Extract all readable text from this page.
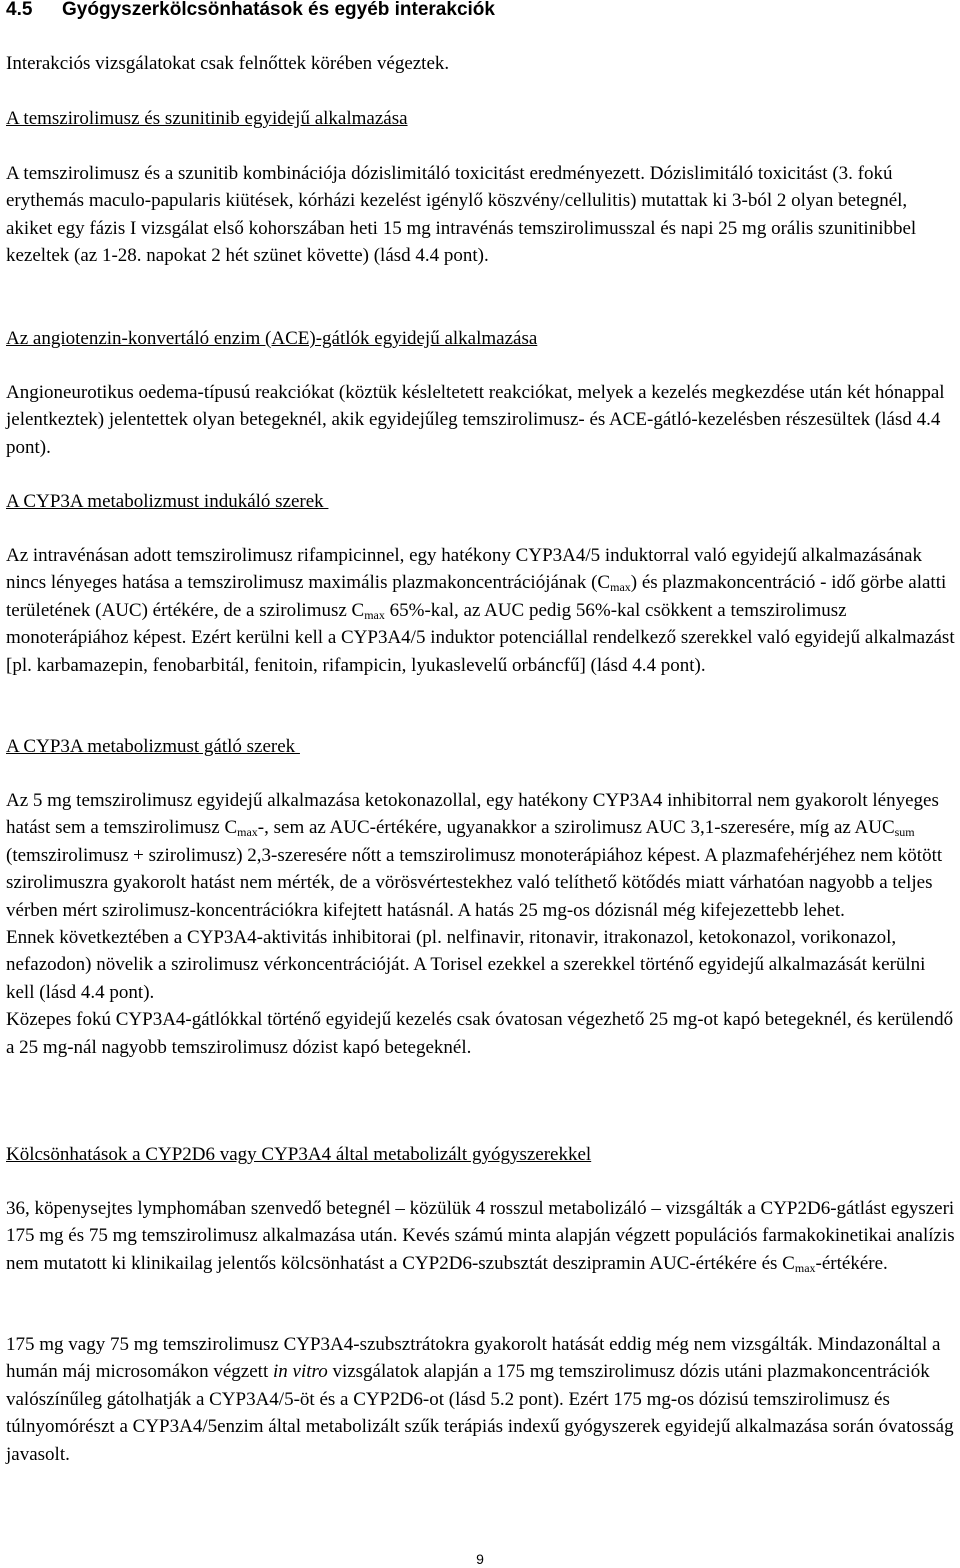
4.5 Gyógyszerkölcsönhatások és egyéb interakciók
Interakciós vizsgálatokat csak felnőttek körében végeztek.
A temszirolimusz és szunitinib egyidejű alkalmazása
A temszirolimusz és a szunitib kombinációja dózislimitáló toxicitást eredményezett. Dózislimitáló toxicitást (3. fokú erythemás maculo-papularis kiütések, kórházi kezelést igénylő köszvény/cellulitis) mutattak ki 3-ból 2 olyan betegnél, akiket egy fázis I vizsgálat első kohorszában heti 15 mg intravénás temszirolimusszal és napi 25 mg orális szunitinibbel kezeltek (az 1-28. napokat 2 hét szünet követte) (lásd 4.4 pont).
Az angiotenzin-konvertáló enzim (ACE)-gátlók egyidejű alkalmazása
Angioneurotikus oedema-típusú reakciókat (köztük késleltetett reakciókat, melyek a kezelés megkezdése után két hónappal jelentkeztek) jelentettek olyan betegeknél, akik egyidejűleg temszirolimusz- és ACE-gátló-kezelésben részesültek (lásd 4.4 pont).
A CYP3A metabolizmust indukáló szerek
Az intravénásan adott temszirolimusz rifampicinnel, egy hatékony CYP3A4/5 induktorral való egyidejű alkalmazásának nincs lényeges hatása a temszirolimusz maximális plazmakoncentrációjának $(C_{max})$ és plazmakoncentráció - idő görbe alatti területének (AUC) értékére, de a szirolimusz $C_{max}$ 65%-kal, az AUC pedig 56%-kal csökkent a temszirolimusz monoterápiához képest. Ezért kerülni kell a CYP3A4/5 induktor potenciállal rendelkező szerekkel való egyidejű alkalmazást [pl. karbamazepin, fenobarbitál, fenitoin, rifampicin, lyukaslevelű orbáncfű] (lásd 4.4 pont).
A CYP3A metabolizmust gátló szerek
Az 5 mg temszirolimusz egyidejű alkalmazása ketokonazollal, egy hatékony CYP3A4 inhibitorral nem gyakorolt lényeges hatást sem a temszirolimusz $C_{max}-$, sem az AUC-értékére, ugyanakkor a szirolimusz AUC 3,1-szeresére, míg az $AUC_{sum}$ (temszirolimusz + szirolimusz) 2,3-szeresére nőtt a temszirolimusz monoterápiához képest. A plazmafehérjéhez nem kötött szirolimuszra gyakorolt hatást nem mérték, de a vörösvértestekhez való telíthető kötődés miatt várhatóan nagyobb a teljes vérben mért szirolimusz-koncentrációkra kifejtett hatásnál. A hatás 25 mg-os dózisnál még kifejezettebb lehet.
Ennek következtében a CYP3A4-aktivitás inhibitorai (pl. nelfinavir, ritonavir, itrakonazol, ketokonazol, vorikonazol, nefazodon) növelik a szirolimusz vérkoncentrációját. A Torisel ezekkel a szerekkel történő egyidejű alkalmazását kerülni kell (lásd 4.4 pont).
Közepes fokú CYP3A4-gátlókkal történő egyidejű kezelés csak óvatosan végezhető 25 mg-ot kapó betegeknél, és kerülendő a 25 mg-nál nagyobb temszirolimusz dózist kapó betegeknél.
Kölcsönhatások a CYP2D6 vagy CYP3A4 által metabolizált gyógyszerekkel
36, köpenysejtes lymphomában szenvedő betegnél – közülük 4 rosszul metabolizáló – vizsgálták a CYP2D6-gátlást egyszeri 175 mg és 75 mg temszirolimusz alkalmazása után. Kevés számú minta alapján végzett populációs farmakokinetikai analízis nem mutatott ki klinikailag jelentős kölcsönhatást a CYP2D6-szubsztát deszipramin AUC-értékére és $C_{max}$-értékére.
175 mg vagy 75 mg temszirolimusz CYP3A4-szubsztrátokra gyakorolt hatását eddig még nem vizsgálták. Mindazonáltal a humán máj microsomákon végzett in vitro vizsgálatok alapján a 175 mg temszirolimusz dózis utáni plazmakoncentrációk valószínűleg gátolhatják a CYP3A4/5-öt és a CYP2D6-ot (lásd 5.2 pont). Ezért 175 mg-os dózisú temszirolimusz és túlnyomórészt a CYP3A4/5enzim által metabolizált szűk terápiás indexű gyógyszerek egyidejű alkalmazása során óvatosság javasolt.
9
